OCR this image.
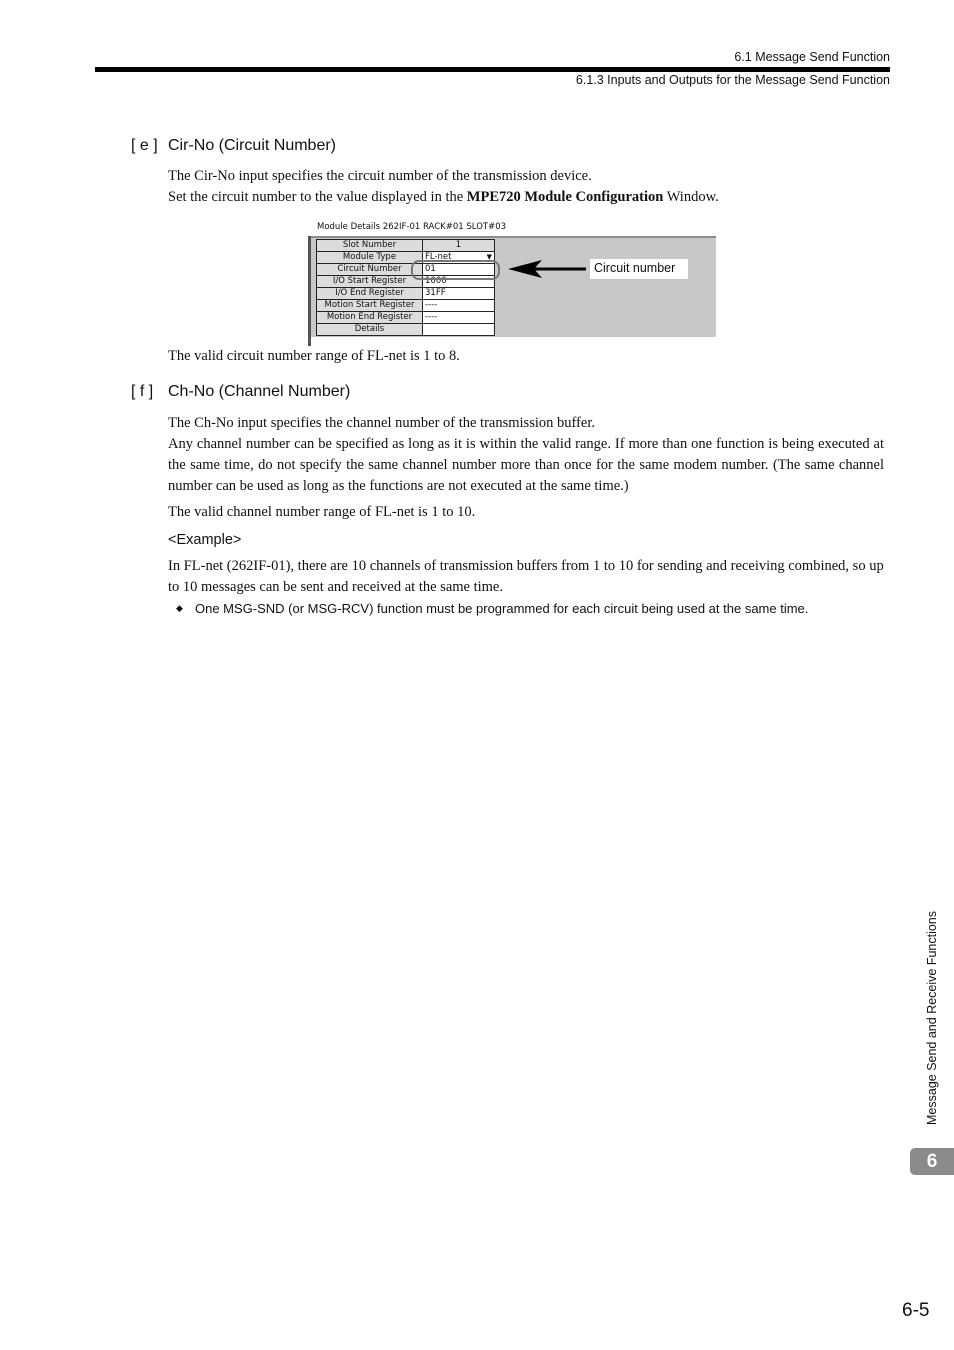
6.1 Message Send Function
6.1.3 Inputs and Outputs for the Message Send Function
[ e ] Cir-No (Circuit Number)

The Cir-No input specifies the circuit number of the transmission device.

Set the circuit number to the value displayed in the MPE720 Module Configuration Window.

Module Details 262IF-01 RACK#01 SLOT#03
Slot Number	1
Module Type	FL-net ▼

Circuit Number	01
I/O Start Register	1000
I/O End Register	31FF
Motion Start Register	----
Motion End Register	----
Details	
Circuit number
The valid circuit number range of FL-net is 1 to 8.
[ f ] Ch-No (Channel Number)

The Ch-No input specifies the channel number of the transmission buffer.

Any channel number can be specified as long as it is within the valid range. If more than one function is being executed at the same time, do not specify the same channel number more than once for the same modem number. (The same channel number can be used as long as the functions are not executed at the same time.)

The valid channel number range of FL-net is 1 to 10.

<Example>
In FL-net (262IF-01), there are 10 channels of transmission buffers from 1 to 10 for sending and receiving combined, so up to 10 messages can be sent and received at the same time.
◆ One MSG-SND (or MSG-RCV) function must be programmed for each circuit being used at the same time.
Message Send and Receive Functions
6
6-5
